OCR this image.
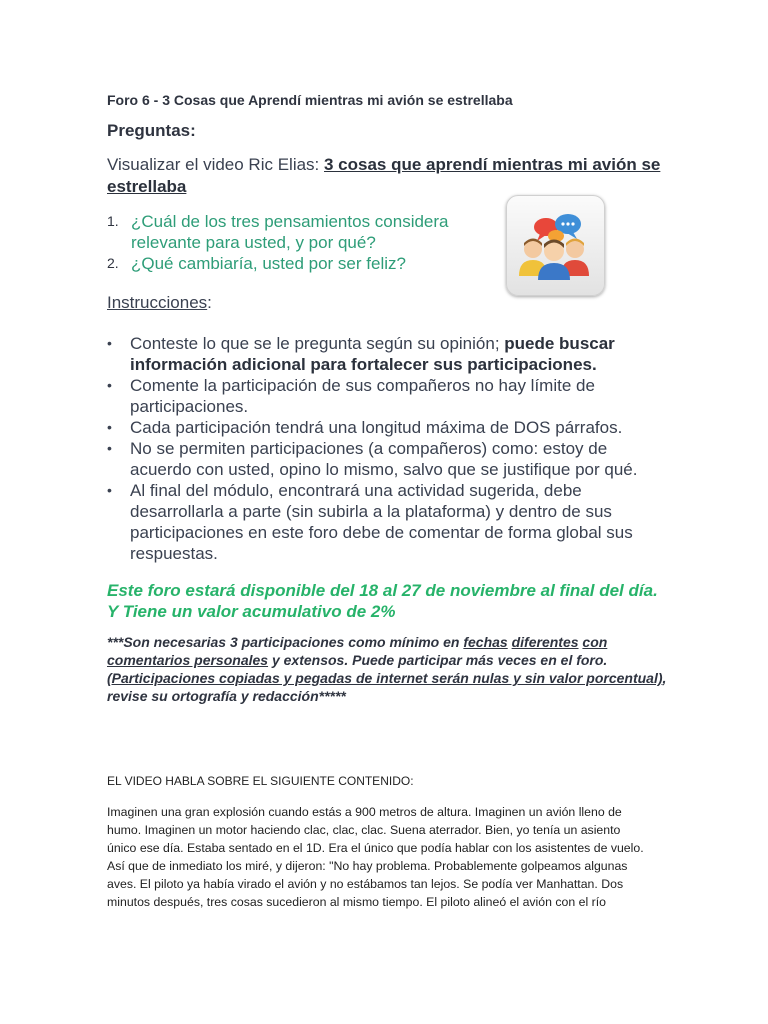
Foro 6 - 3 Cosas que Aprendí mientras mi avión se estrellaba
Preguntas:
Visualizar el video Ric Elias: 3 cosas que aprendí mientras mi avión se estrellaba
1. ¿Cuál de los tres pensamientos considera relevante para usted, y por qué?
2. ¿Qué cambiaría, usted por ser feliz?
Instrucciones:
• Conteste lo que se le pregunta según su opinión; puede buscar información adicional para fortalecer sus participaciones.
• Comente la participación de sus compañeros no hay límite de participaciones.
• Cada participación tendrá una longitud máxima de DOS párrafos.
• No se permiten participaciones (a compañeros) como: estoy de acuerdo con usted, opino lo mismo, salvo que se justifique por qué.
• Al final del módulo, encontrará una actividad sugerida, debe desarrollarla a parte (sin subirla a la plataforma) y dentro de sus participaciones en este foro debe de comentar de forma global sus respuestas.
Este foro estará disponible del 18 al 27 de noviembre al final del día. Y Tiene un valor acumulativo de 2%
***Son necesarias 3 participaciones como mínimo en fechas diferentes con comentarios personales y extensos. Puede participar más veces en el foro. (Participaciones copiadas y pegadas de internet serán nulas y sin valor porcentual), revise su ortografía y redacción*****
EL VIDEO HABLA SOBRE EL SIGUIENTE CONTENIDO:
Imaginen una gran explosión cuando estás a 900 metros de altura. Imaginen un avión lleno de humo. Imaginen un motor haciendo clac, clac, clac. Suena aterrador. Bien, yo tenía un asiento único ese día. Estaba sentado en el 1D. Era el único que podía hablar con los asistentes de vuelo. Así que de inmediato los miré, y dijeron: "No hay problema. Probablemente golpeamos algunas aves. El piloto ya había virado el avión y no estábamos tan lejos. Se podía ver Manhattan. Dos minutos después, tres cosas sucedieron al mismo tiempo. El piloto alineó el avión con el río
